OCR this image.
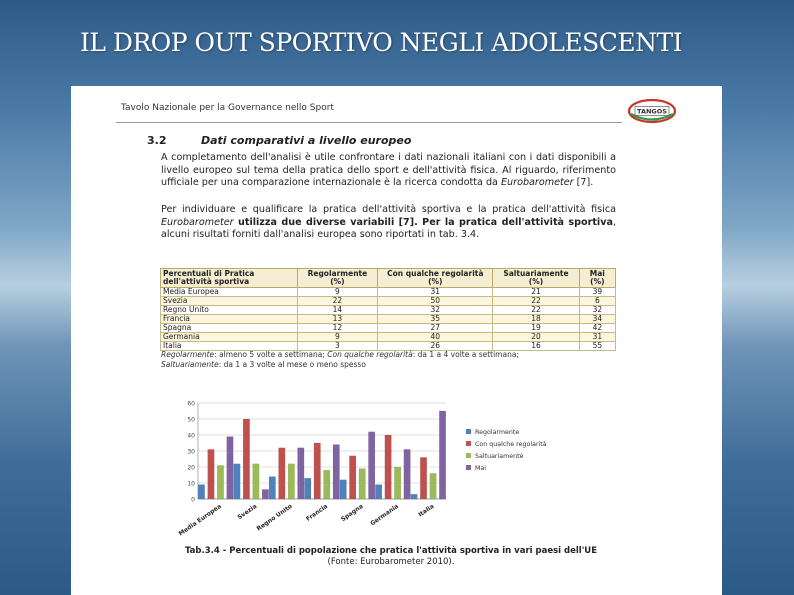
IL DROP OUT SPORTIVO NEGLI ADOLESCENTI
Tavolo Nazionale per la Governance nello Sport	TANGOS
3.2	Dati comparativi a livello europeo

A completamento dell'analisi è utile confrontare i dati nazionali italiani con i dati disponibili a livello europeo sul tema della pratica dello sport e dell'attività fisica. Al riguardo, riferimento ufficiale per una comparazione internazionale è la ricerca condotta da Eurobarometer [7].

Per individuare e qualificare la pratica dell'attività sportiva e la pratica dell'attività fisica Eurobarometer utilizza due diverse variabili [7]. Per la pratica dell'attività sportiva, alcuni risultati forniti dall'analisi europea sono riportati in tab. 3.4.

Percentuali di Pratica dell'attività sportiva	Regolarmente (%)	Con qualche regolarità (%)	Saltuariamente (%)	Mai (%)
Media Europea	9	31	21	39
Svezia	22	50	22	6
Regno Unito	14	32	22	32
Francia	13	35	18	34
Spagna	12	27	19	42
Germania	9	40	20	31
Italia	3	26	16	55

Regolarmente: almeno 5 volte a settimana; Con qualche regolarità: da 1 a 4 volte a settimana;
Saltuariamente: da 1 a 3 volte al mese o meno spesso

0
10
20
30
40
50
60
Media Europea Svezia
Regno Unito Francia Spagna Germania	Italia
Regolarmente
Con qualche regolarità
Saltuariamente
Mai

Tab.3.4 - Percentuali di popolazione che pratica l'attività sportiva in vari paesi dell'UE
(Fonte: Eurobarometer 2010).
